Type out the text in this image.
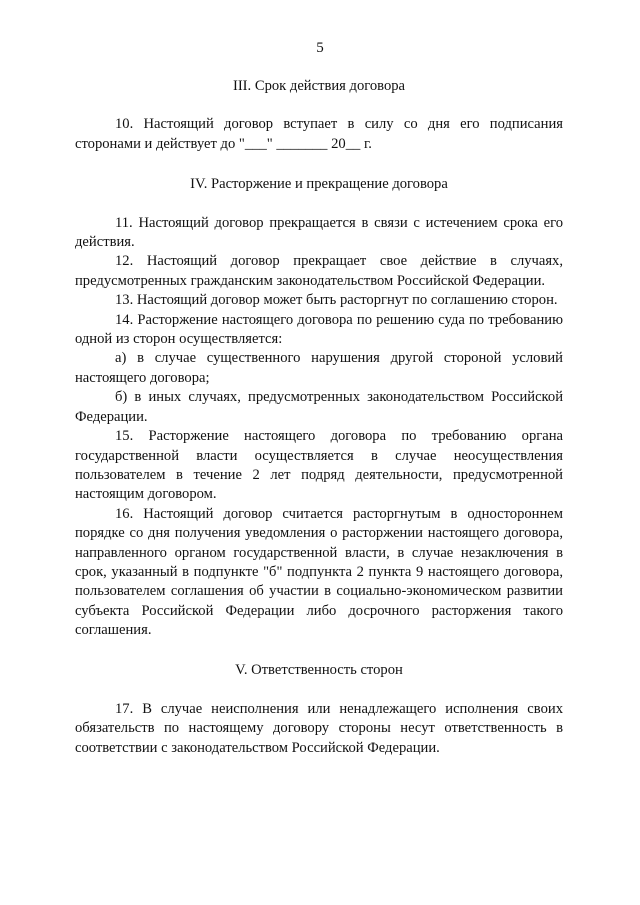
5

III. Срок действия договора

10. Настоящий договор вступает в силу со дня его подписания сторонами и действует до "___" _______ 20__ г.

IV. Расторжение и прекращение договора

11. Настоящий договор прекращается в связи с истечением срока его действия.

12. Настоящий договор прекращает свое действие в случаях, предусмотренных гражданским законодательством Российской Федерации.

13. Настоящий договор может быть расторгнут по соглашению сторон.

14. Расторжение настоящего договора по решению суда по требованию одной из сторон осуществляется:

а) в случае существенного нарушения другой стороной условий настоящего договора;

б) в иных случаях, предусмотренных законодательством Российской Федерации.

15. Расторжение настоящего договора по требованию органа государственной власти осуществляется в случае неосуществления пользователем в течение 2 лет подряд деятельности, предусмотренной настоящим договором.

16. Настоящий договор считается расторгнутым в одностороннем порядке со дня получения уведомления о расторжении настоящего договора, направленного органом государственной власти, в случае незаключения в срок, указанный в подпункте "б" подпункта 2 пункта 9 настоящего договора, пользователем соглашения об участии в социально-экономическом развитии субъекта Российской Федерации либо досрочного расторжения такого соглашения.

V. Ответственность сторон

17. В случае неисполнения или ненадлежащего исполнения своих обязательств по настоящему договору стороны несут ответственность в соответствии с законодательством Российской Федерации.
